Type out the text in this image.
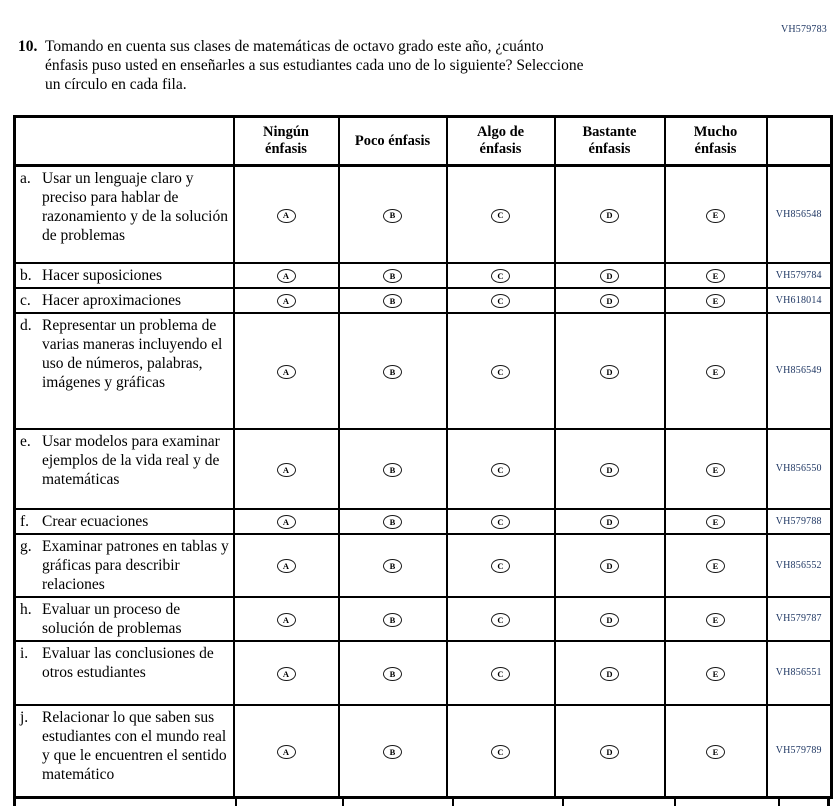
VH579783
10. Tomando en cuenta sus clases de matemáticas de octavo grado este año, ¿cuánto
énfasis puso usted en enseñarles a sus estudiantes cada uno de lo siguiente? Seleccione
un círculo en cada fila.
	Ningún énfasis	Poco énfasis	Algo de énfasis	Bastante énfasis	Mucho énfasis	

a. Usar un lenguaje claro y preciso para hablar de razonamiento y de la solución de problemas	A	B	C	D	E	VH856548

b. Hacer suposiciones	A	B	C	D	E	VH579784

c. Hacer aproximaciones	A	B	C	D	E	VH618014

d. Representar un problema de varias maneras incluyendo el uso de números, palabras, imágenes y gráficas	A	B	C	D	E	VH856549

e. Usar modelos para examinar ejemplos de la vida real y de matemáticas	A	B	C	D	E	VH856550

f. Crear ecuaciones	A	B	C	D	E	VH579788

g. Examinar patrones en tablas y gráficas para describir relaciones	A	B	C	D	E	VH856552

h. Evaluar un proceso de solución de problemas	A	B	C	D	E	VH579787

i. Evaluar las conclusiones de otros estudiantes	A	B	C	D	E	VH856551

j. Relacionar lo que saben sus estudiantes con el mundo real y que le encuentren el sentido matemático	A	B	C	D	E	VH579789
